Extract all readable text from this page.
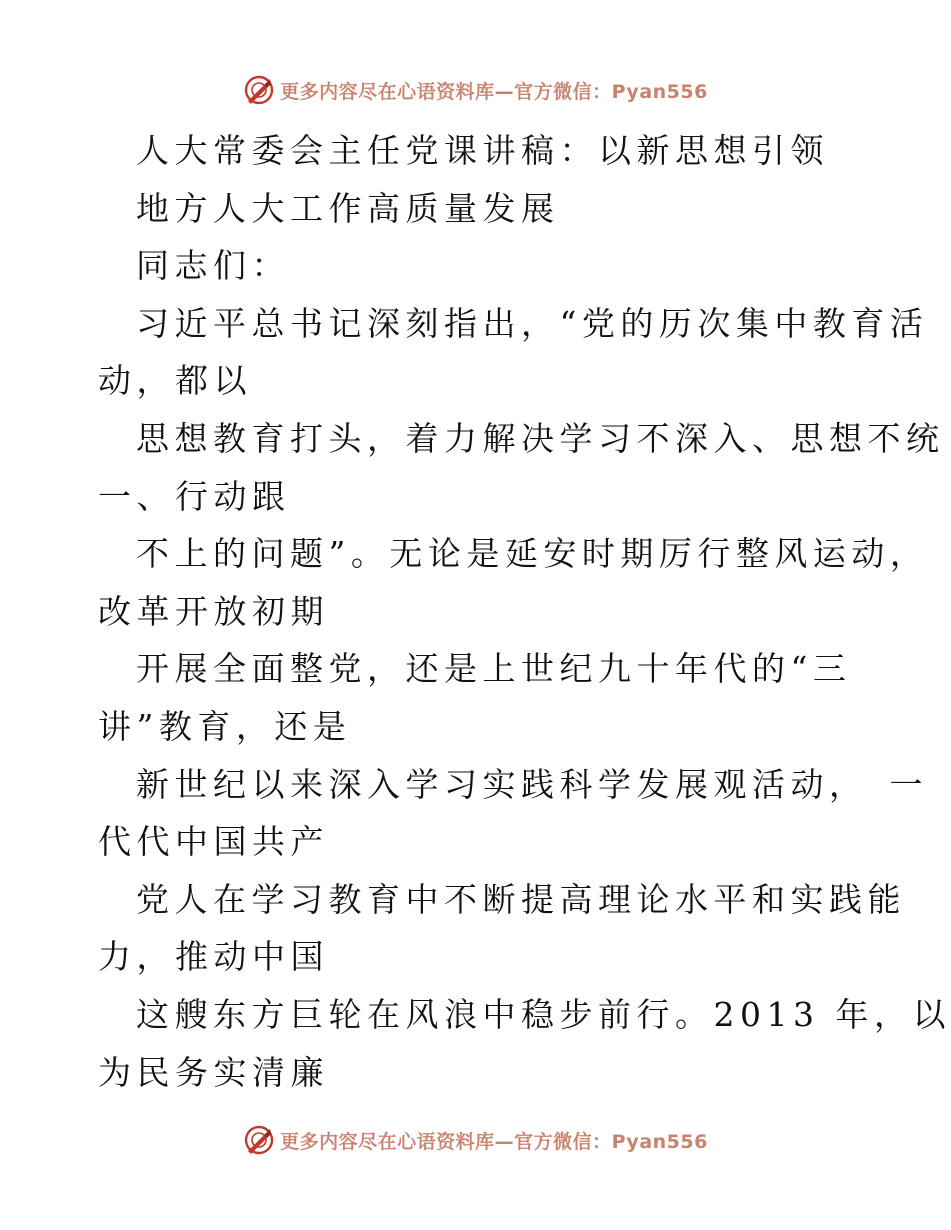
更多内容尽在心语资料库—官方微信：Pyan556
人大常委会主任党课讲稿：以新思想引领
地方人大工作高质量发展
同志们：
习近平总书记深刻指出，“党的历次集中教育活
动，都以
思想教育打头，着力解决学习不深入、思想不统
一、行动跟
不上的问题”。无论是延安时期厉行整风运动，
改革开放初期
开展全面整党，还是上世纪九十年代的“三
讲”教育，还是
新世纪以来深入学习实践科学发展观活动，　一
代代中国共产
党人在学习教育中不断提高理论水平和实践能
力，推动中国
这艘东方巨轮在风浪中稳步前行。2013 年，以
为民务实清廉
更多内容尽在心语资料库—官方微信：Pyan556
